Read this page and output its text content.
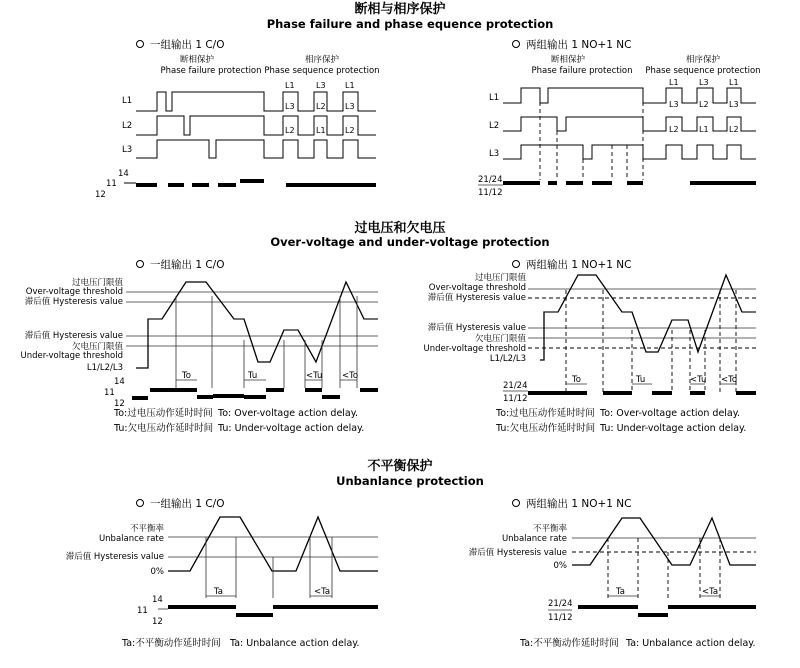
断相与相序保护
Phase failure and phase equence protection
一组输出 1 C/O
断相保护
Phase failure protection
相序保护
Phase sequence protection
L1
L2
L3
L1	L3 L1
L3	L2 L3
L2	L1 L2
14
11
12
两组输出 1 NO+1 NC
断相保护
Phase failure protection
相序保护
Phase sequence protection
L1
L2
L3
L1	L3	L1
L3	L2	L3
L2	L1	L2
21/24
11/12
过电压和欠电压
Over-voltage and under-voltage protection
一组输出 1 C/O
过电压门限值
Over-voltage threshold
滞后值 Hysteresis value
滞后值 Hysteresis value
欠电压门限值
Under-voltage threshold
L1/L2/L3
To	Tu	<Tu <To
14
11
12
To:过电压动作延时时间 To: Over-voltage action delay.
Tu:欠电压动作延时时间 Tu: Under-voltage action delay.
两组输出 1 NO+1 NC
过电压门限值
Over-voltage threshold
滞后值 Hysteresis value
滞后值 Hysteresis value
欠电压门限值
Under-voltage threshold
L1/L2/L3
To	Tu	<Tu <To
21/24
11/12
To:过电压动作延时时间 To: Over-voltage action delay.
Tu:欠电压动作延时时间 Tu: Under-voltage action delay.
不平衡保护
Unbanlance protection
一组输出 1 C/O
不平衡率
Unbalance rate
滞后值 Hysteresis value
0%
Ta	<Ta
14
11
12
Ta:不平衡动作延时时间 Ta: Unbalance action delay.
两组输出 1 NO+1 NC
不平衡率
Unbalance rate
滞后值 Hysteresis value
0%
Ta	<Ta
21/24
11/12
Ta:不平衡动作延时时间 Ta: Unbalance action delay.
